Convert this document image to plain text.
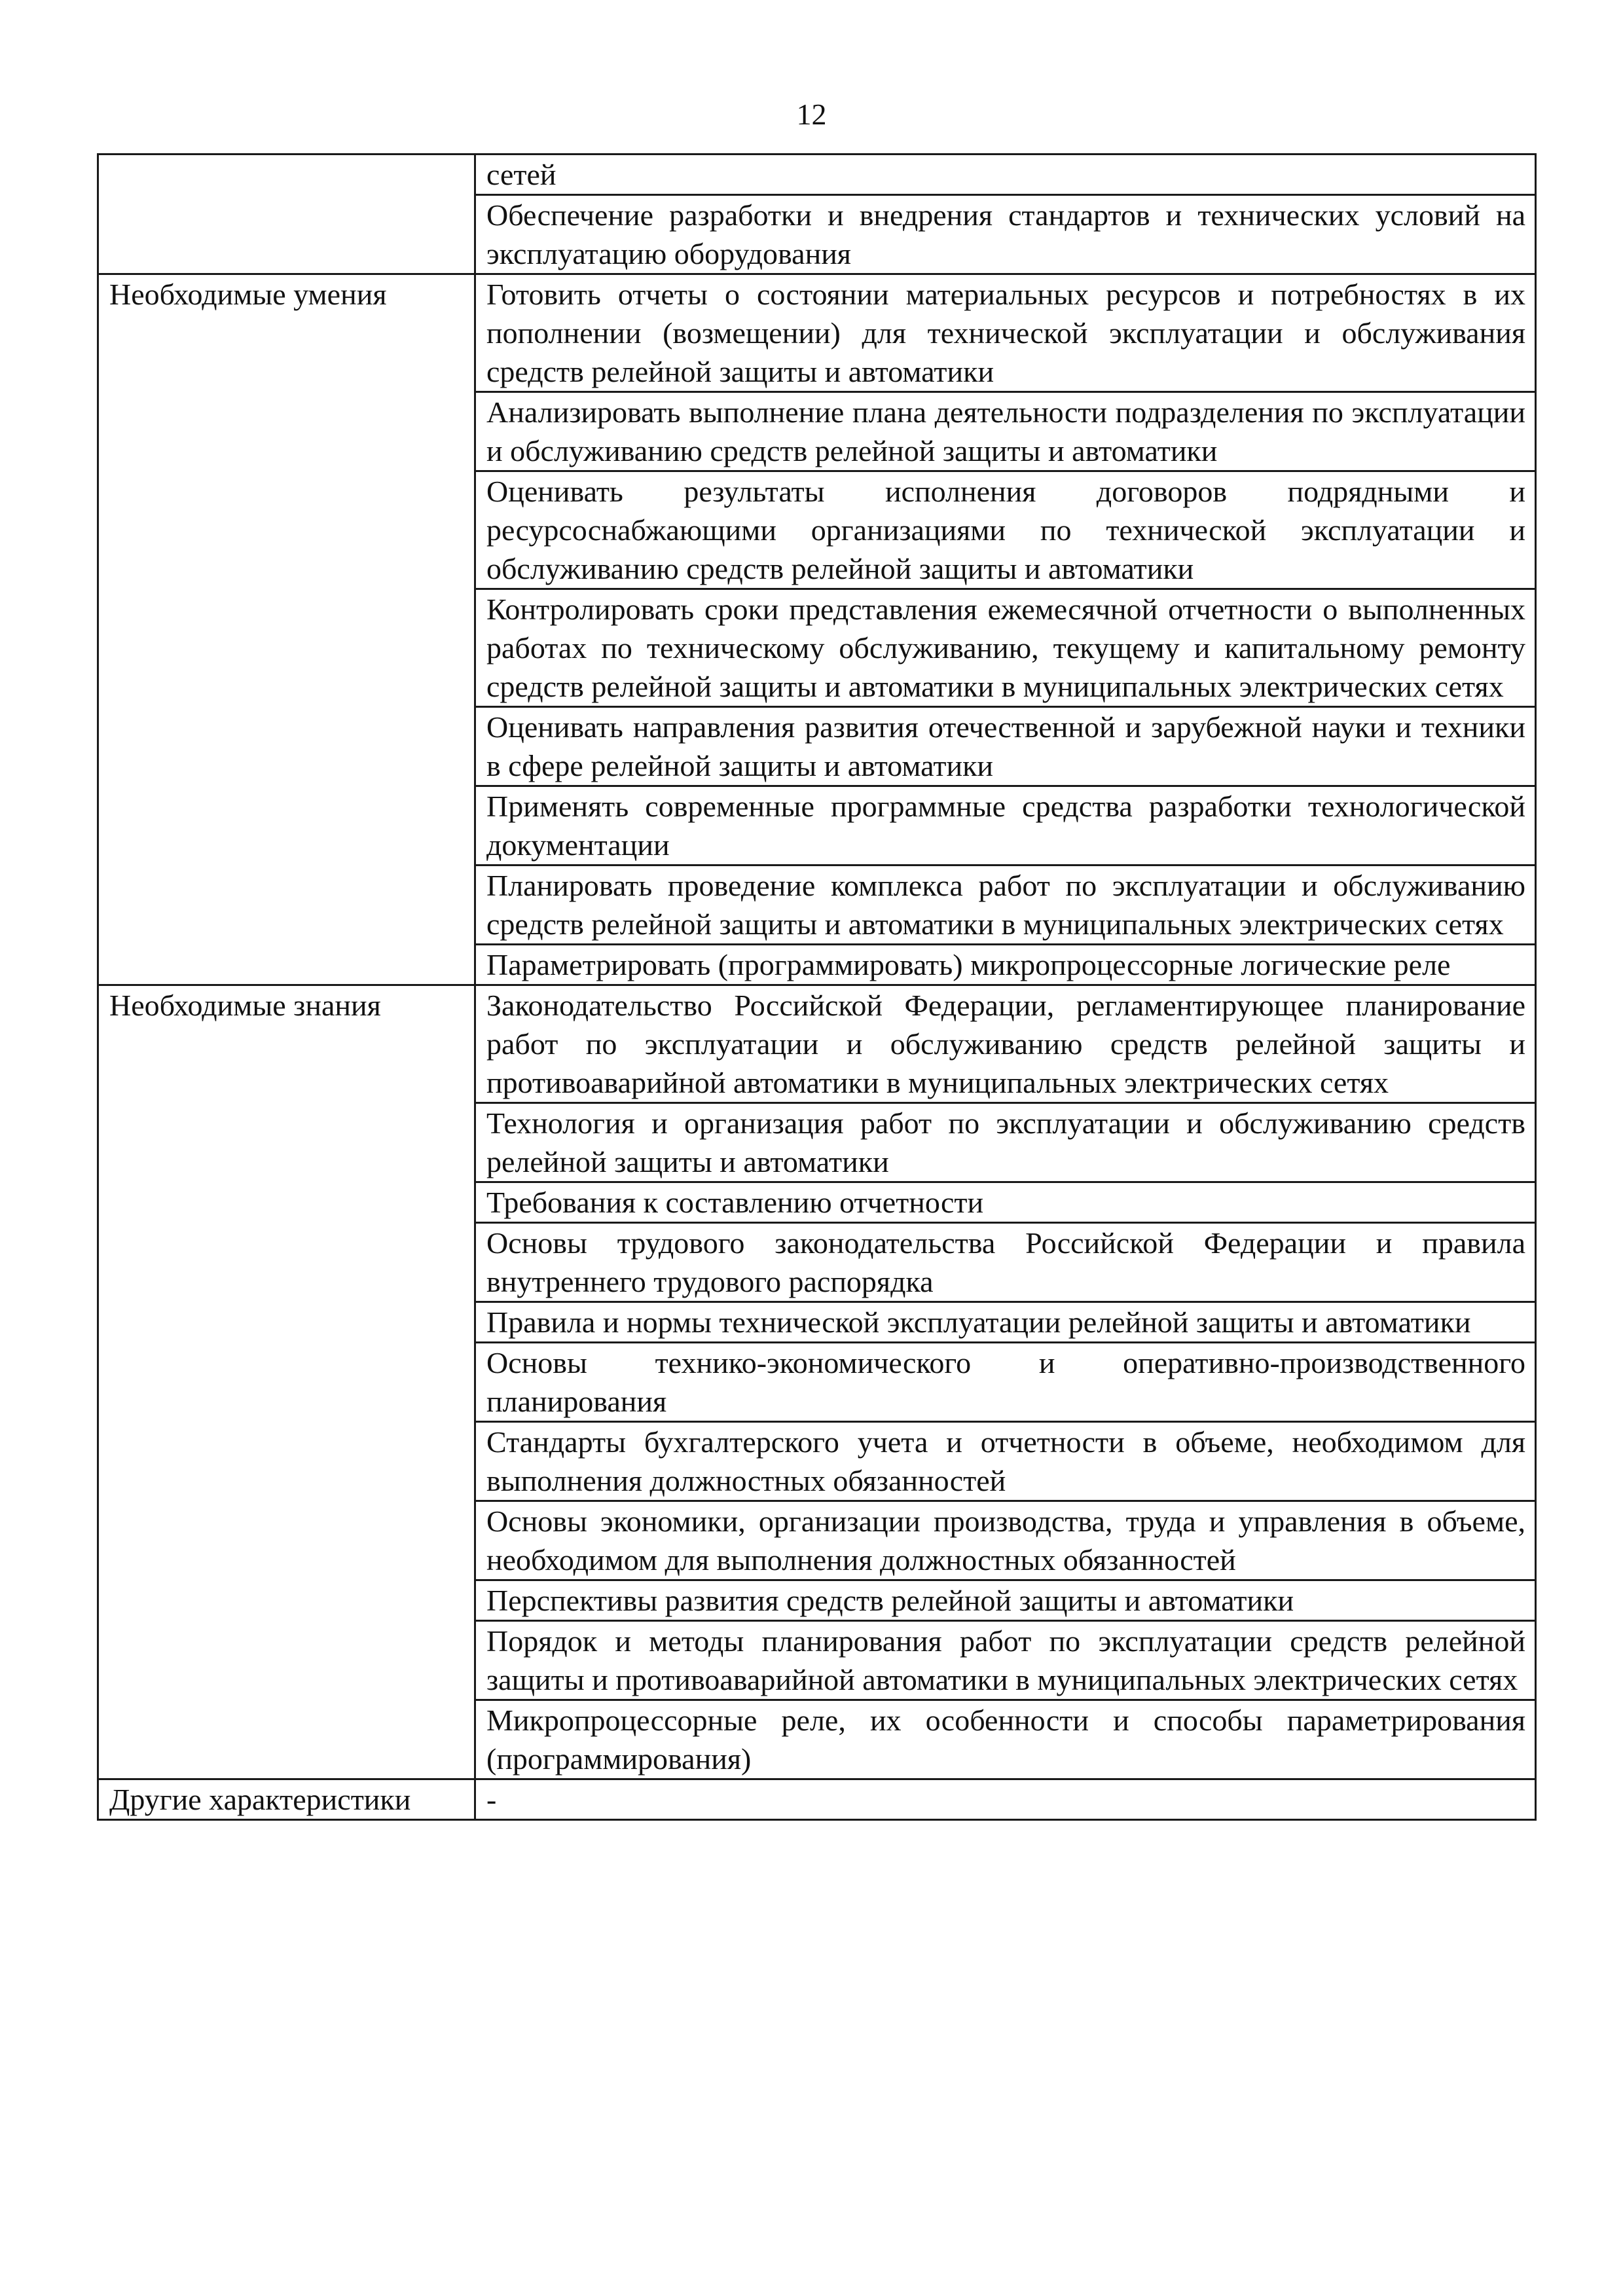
12
	сетей
	Обеспечение разработки и внедрения стандартов и технических условий на эксплуатацию оборудования
Необходимые умения	Готовить отчеты о состоянии материальных ресурсов и потребностях в их пополнении (возмещении) для технической эксплуатации и обслуживания средств релейной защиты и автоматики
	Анализировать выполнение плана деятельности подразделения по эксплуатации и обслуживанию средств релейной защиты и автоматики
	Оценивать результаты исполнения договоров подрядными и ресурсоснабжающими организациями по технической эксплуатации и обслуживанию средств релейной защиты и автоматики
	Контролировать сроки представления ежемесячной отчетности о выполненных работах по техническому обслуживанию, текущему и капитальному ремонту средств релейной защиты и автоматики в муниципальных электрических сетях
	Оценивать направления развития отечественной и зарубежной науки и техники в сфере релейной защиты и автоматики
	Применять современные программные средства разработки технологической документации
	Планировать проведение комплекса работ по эксплуатации и обслуживанию средств релейной защиты и автоматики в муниципальных электрических сетях
	Параметрировать (программировать) микропроцессорные логические реле
Необходимые знания	Законодательство Российской Федерации, регламентирующее планирование работ по эксплуатации и обслуживанию средств релейной защиты и противоаварийной автоматики в муниципальных электрических сетях
	Технология и организация работ по эксплуатации и обслуживанию средств релейной защиты и автоматики
	Требования к составлению отчетности
	Основы трудового законодательства Российской Федерации и правила внутреннего трудового распорядка
	Правила и нормы технической эксплуатации релейной защиты и автоматики
	Основы технико-экономического и оперативно-производственного планирования
	Стандарты бухгалтерского учета и отчетности в объеме, необходимом для выполнения должностных обязанностей
	Основы экономики, организации производства, труда и управления в объеме, необходимом для выполнения должностных обязанностей
	Перспективы развития средств релейной защиты и автоматики
	Порядок и методы планирования работ по эксплуатации средств релейной защиты и противоаварийной автоматики в муниципальных электрических сетях
	Микропроцессорные реле, их особенности и способы параметрирования (программирования)
Другие характеристики	-
